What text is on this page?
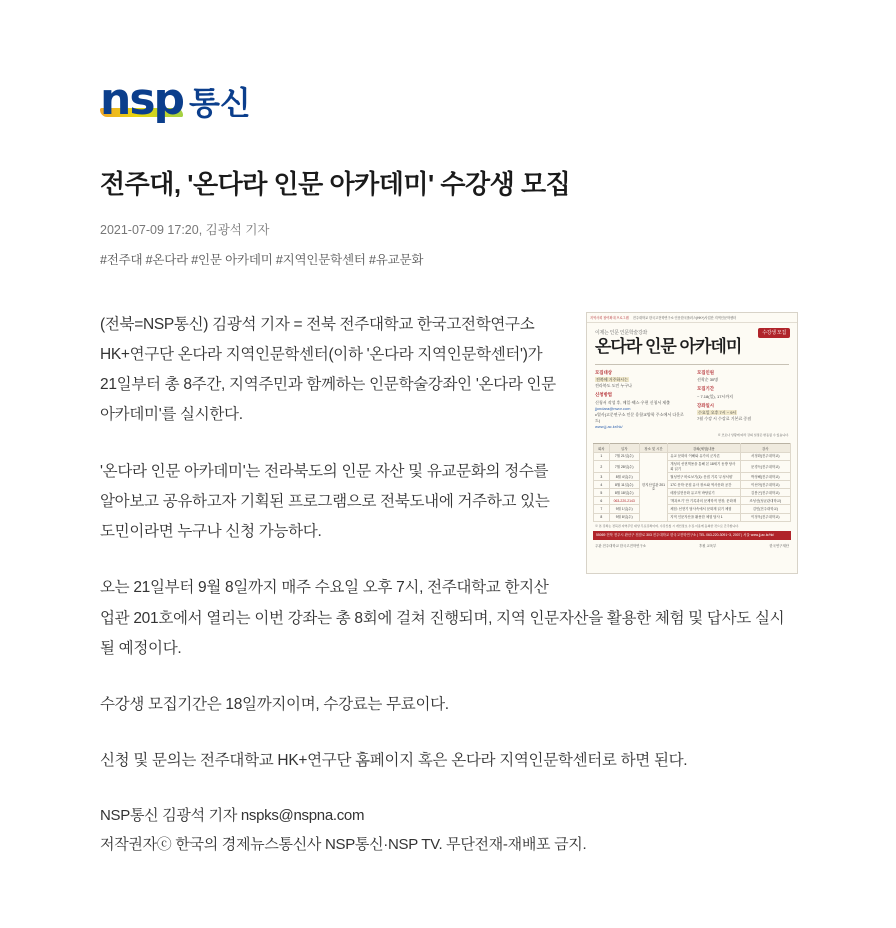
nsp 통신
전주대, '온다라 인문 아카데미' 수강생 모집
2021-07-09 17:20, 김광석 기자
#전주대 #온다라 #인문 아카데미 #지역인문학센터 #유교문화
지역사회 참여확대 프로그램 전주대학교 한국고전학연구소 인문한국플러스(HK+)사업단 지역인문학센터
이제는 인문 인문학술강좌	수강생 모집
온다라 인문 아카데미
모집대상
전북에 거주하시는
전라북도 도민 누구나
신청방법
신청서 작성 후, 메일·팩스·우편 신청서 제출
jjondara@nwor.com
c열사(고문연구소 인문 융합교양학 주소에서 다운로드)
www.jj.ac.kr/hk/
모집인원
선착순 30명
모집기간
~ 7.18(일), 17시까지
강좌일시
수요일 오후 7시 ~ 9시
7월 수강 시 수강료 기본료 중점
※ 코로나 상황에 따라 강의 일정은 변동될 수 있습니다.
회차	일자	장소 및 시간	강좌(체험)내용	강사
1	7월 21일(수)	한지산업관 201호	유교 문화의 이해와 유가의 군자론	서정화(전주대학교)
2	7월 28일(수)		개성의 선현책용을 통해 본 18세기 동방 당사회 읽기	문경득(전주대학교)
3	8월 4일(수)		월성연구 바로보기(1): 문집 기록 '무성서원'	박정해(전주대학교)
4	8월 11일(수)		17C 문학·문집 유사 장소와 역사문화 공간	이선아(전주대학교)
5	8월 18일(수)		매장실현문화 유고적 바탕읽기	김봉곤(전주대학교)
6	063-220-2143		'책과보기' 안 기록과의 문제학적 현장, 문화재	조성산(성균관대학교)
7	9월 1일(수)		체험: 선현기 답사속에서 문화재 읽기 체험	김민(전주대학교)
8	9월 8일(수)		지역 인문자산을 활용한 체험 답사 1	이정욱(전주대학교)
※ 본 강좌는 전북권 지역주민 대상 무료강좌이며, 수강신청 시 개인정보 수집·이용에 동의한 것으로 간주합니다.
55069 전북 전주시 완산구 천잠로 303 전주대학교 한국고전학연구소 | TEL 063-220-3091~3, 2007 | 서울 www.jj.ac.kr/hk/
주관 전주대학교 한국고전학연구소	후원 교육부	한국연구재단

(전북=NSP통신) 김광석 기자 = 전북 전주대학교 한국고전학연구소 HK+연구단 온다라 지역인문학센터(이하 '온다라 지역인문학센터')가 21일부터 총 8주간, 지역주민과 함께하는 인문학술강좌인 '온다라 인문 아카데미'를 실시한다.

'온다라 인문 아카데미'는 전라북도의 인문 자산 및 유교문화의 정수를 알아보고 공유하고자 기획된 프로그램으로 전북도내에 거주하고 있는 도민이라면 누구나 신청 가능하다.

오는 21일부터 9월 8일까지 매주 수요일 오후 7시, 전주대학교 한지산업관 201호에서 열리는 이번 강좌는 총 8회에 걸쳐 진행되며, 지역 인문자산을 활용한 체험 및 답사도 실시될 예정이다.

수강생 모집기간은 18일까지이며, 수강료는 무료이다.

신청 및 문의는 전주대학교 HK+연구단 홈페이지 혹은 온다라 지역인문학센터로 하면 된다.

NSP통신 김광석 기자 nspks@nspna.com
저작권자ⓒ 한국의 경제뉴스통신사 NSP통신·NSP TV. 무단전재-재배포 금지.
